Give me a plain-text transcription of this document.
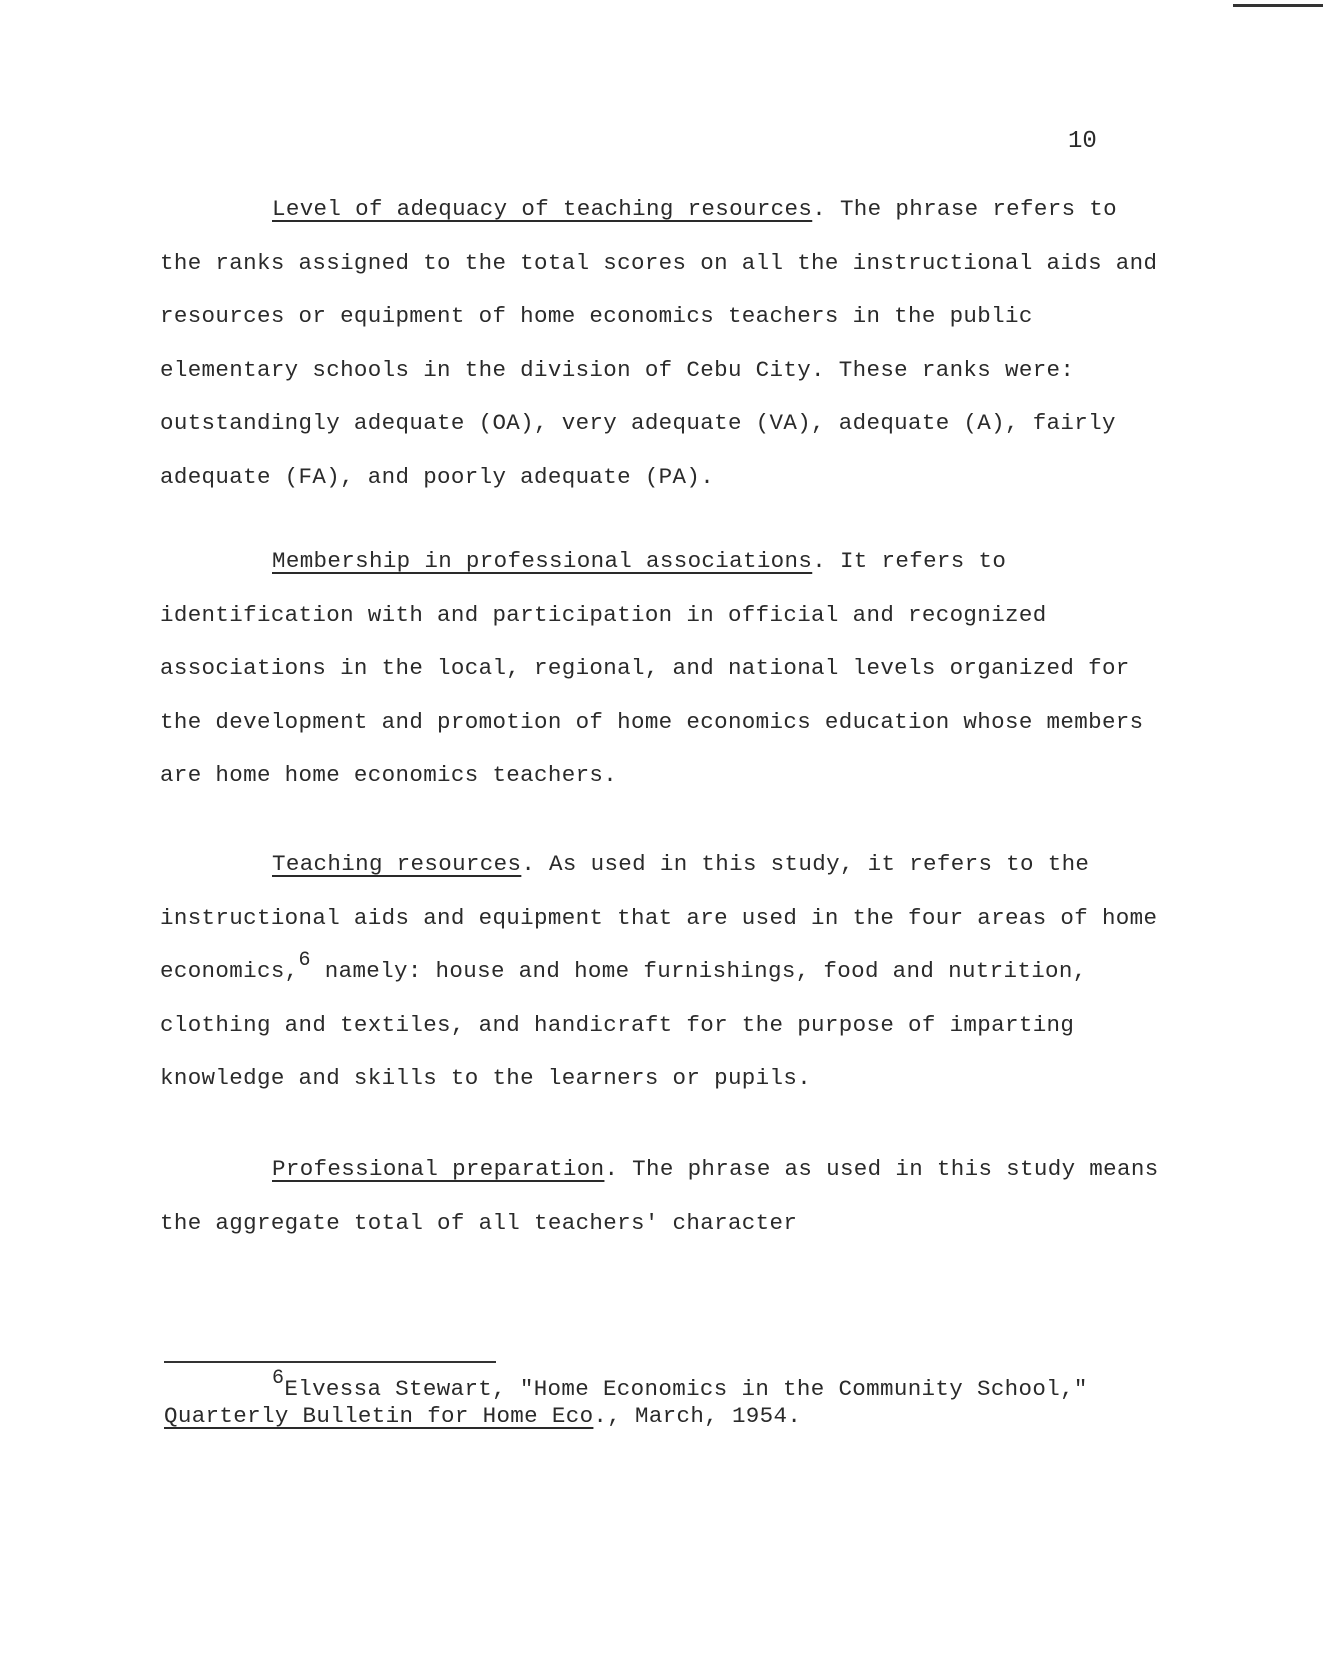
10

Level of adequacy of teaching resources. The phrase refers to the ranks assigned to the total scores on all the instructional aids and resources or equipment of home economics teachers in the public elementary schools in the division of Cebu City. These ranks were: outstandingly adequate (OA), very adequate (VA), adequate (A), fairly adequate (FA), and poorly adequate (PA).

Membership in professional associations. It refers to identification with and participation in official and recognized associations in the local, regional, and national levels organized for the development and promotion of home economics education whose members are home home economics teachers.

Teaching resources. As used in this study, it refers to the instructional aids and equipment that are used in the four areas of home economics,$^6$ namely: house and home furnishings, food and nutrition, clothing and textiles, and handicraft for the purpose of imparting knowledge and skills to the learners or pupils.

Professional preparation. The phrase as used in this study means the aggregate total of all teachers' character

$^6$Elvessa Stewart, "Home Economics in the Community School,"

Quarterly Bulletin for Home Eco., March, 1954.
